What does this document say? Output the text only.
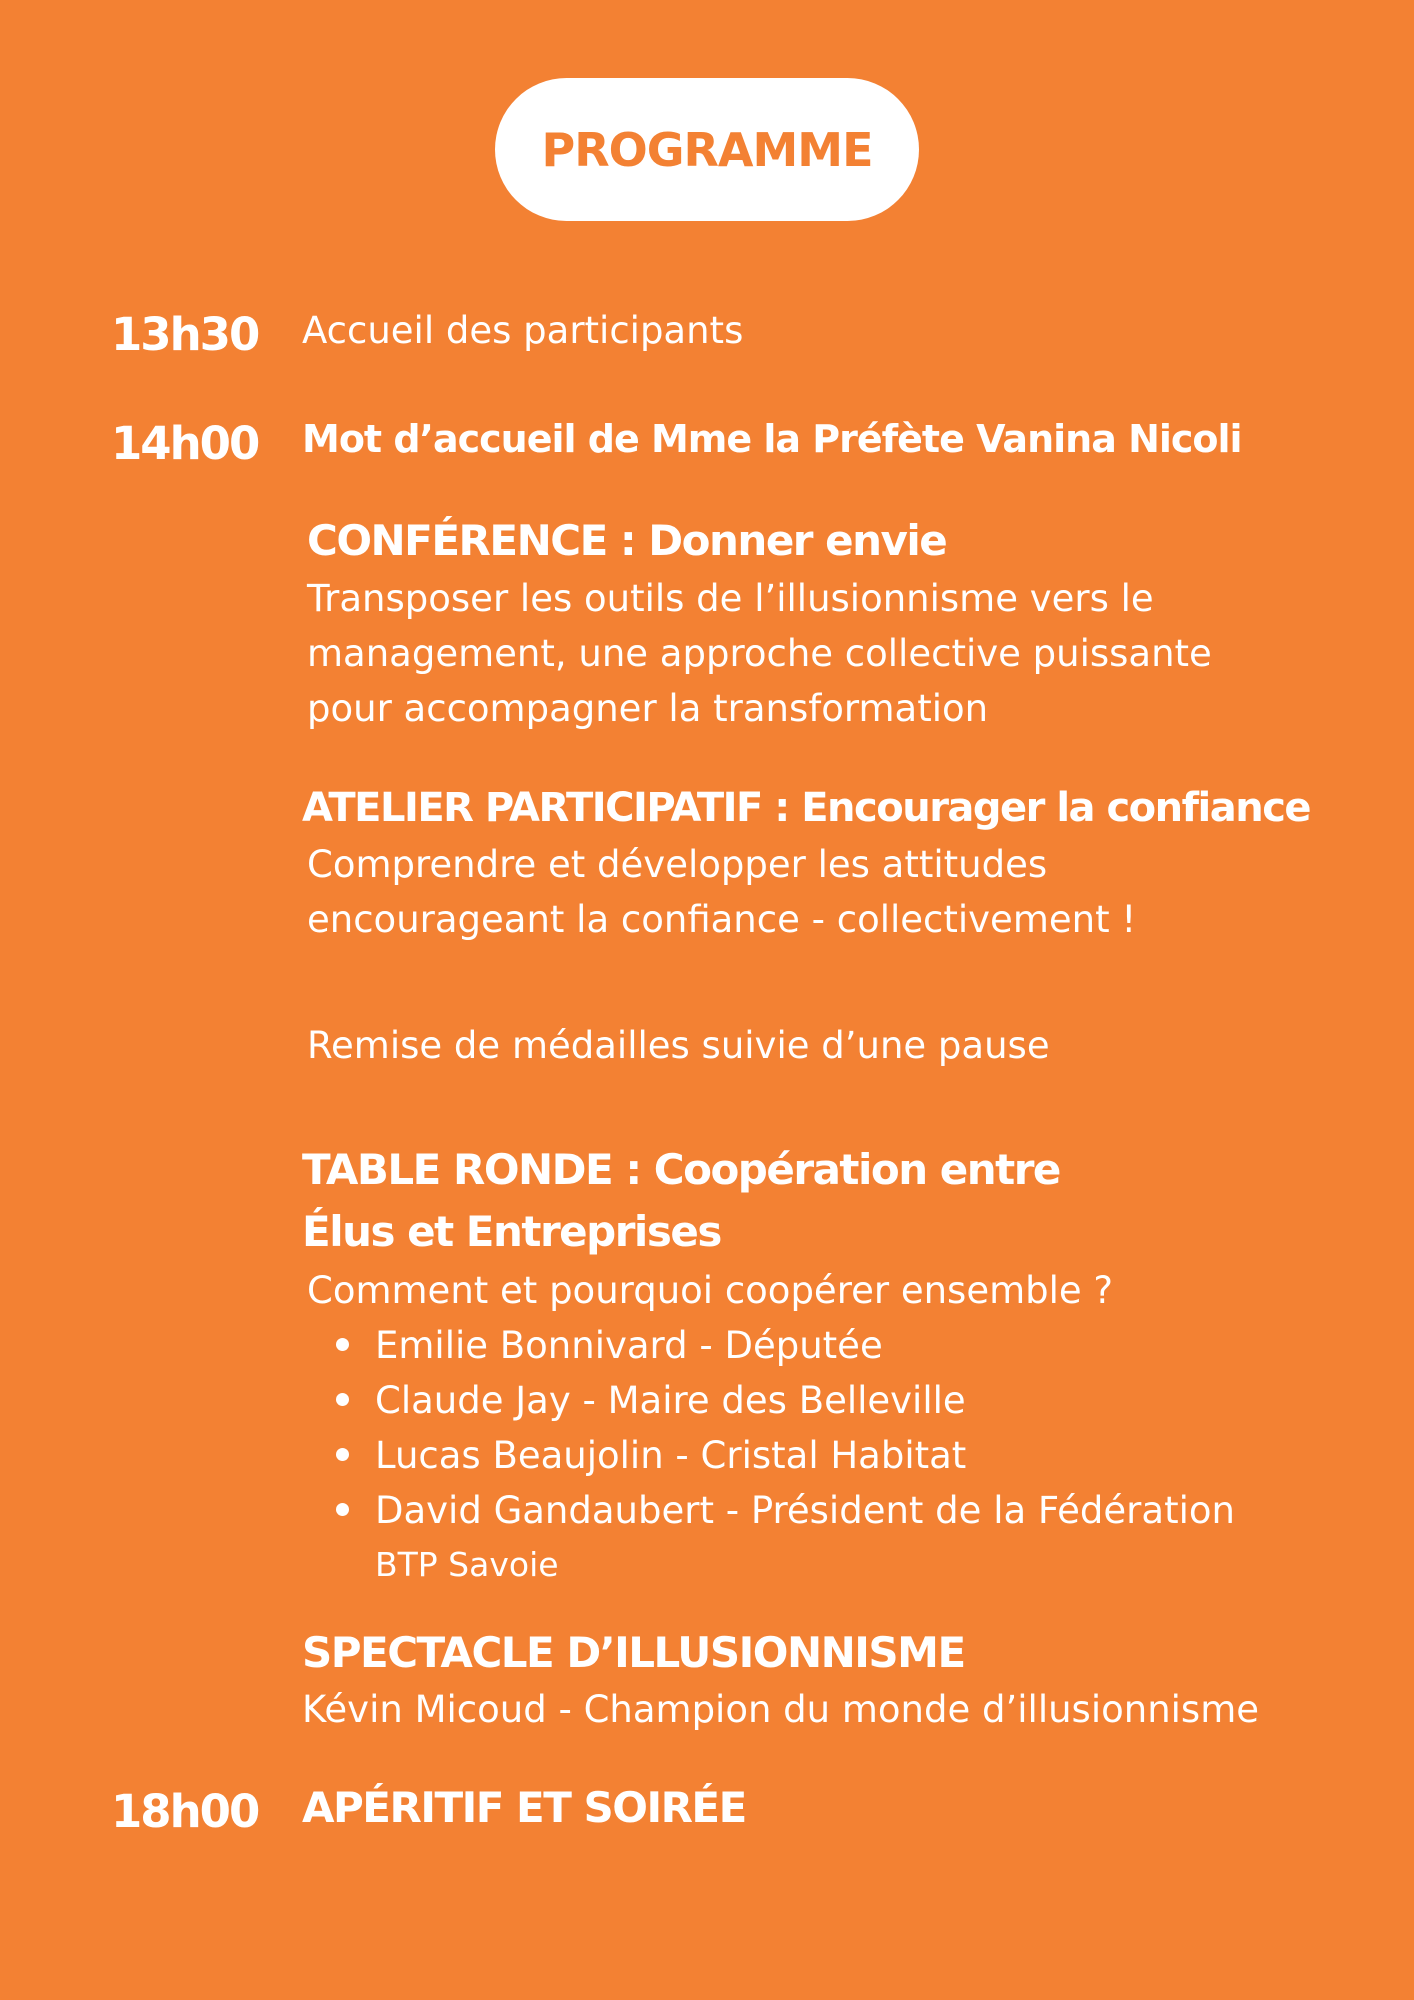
PROGRAMME
13h30 Accueil des participants
14h00 Mot d’accueil de Mme la Préfète Vanina Nicoli
CONFÉRENCE : Donner envie
Transposer les outils de l’illusionnisme vers le
management, une approche collective puissante
pour accompagner la transformation
ATELIER PARTICIPATIF : Encourager la confiance
Comprendre et développer les attitudes
encourageant la confiance - collectivement !
Remise de médailles suivie d’une pause
TABLE RONDE : Coopération entre
Élus et Entreprises
Comment et pourquoi coopérer ensemble ?
Emilie Bonnivard - Députée
Claude Jay - Maire des Belleville
Lucas Beaujolin - Cristal Habitat
David Gandaubert - Président de la Fédération
BTP Savoie
SPECTACLE D’ILLUSIONNISME
Kévin Micoud - Champion du monde d’illusionnisme
18h00 APÉRITIF ET SOIRÉE
